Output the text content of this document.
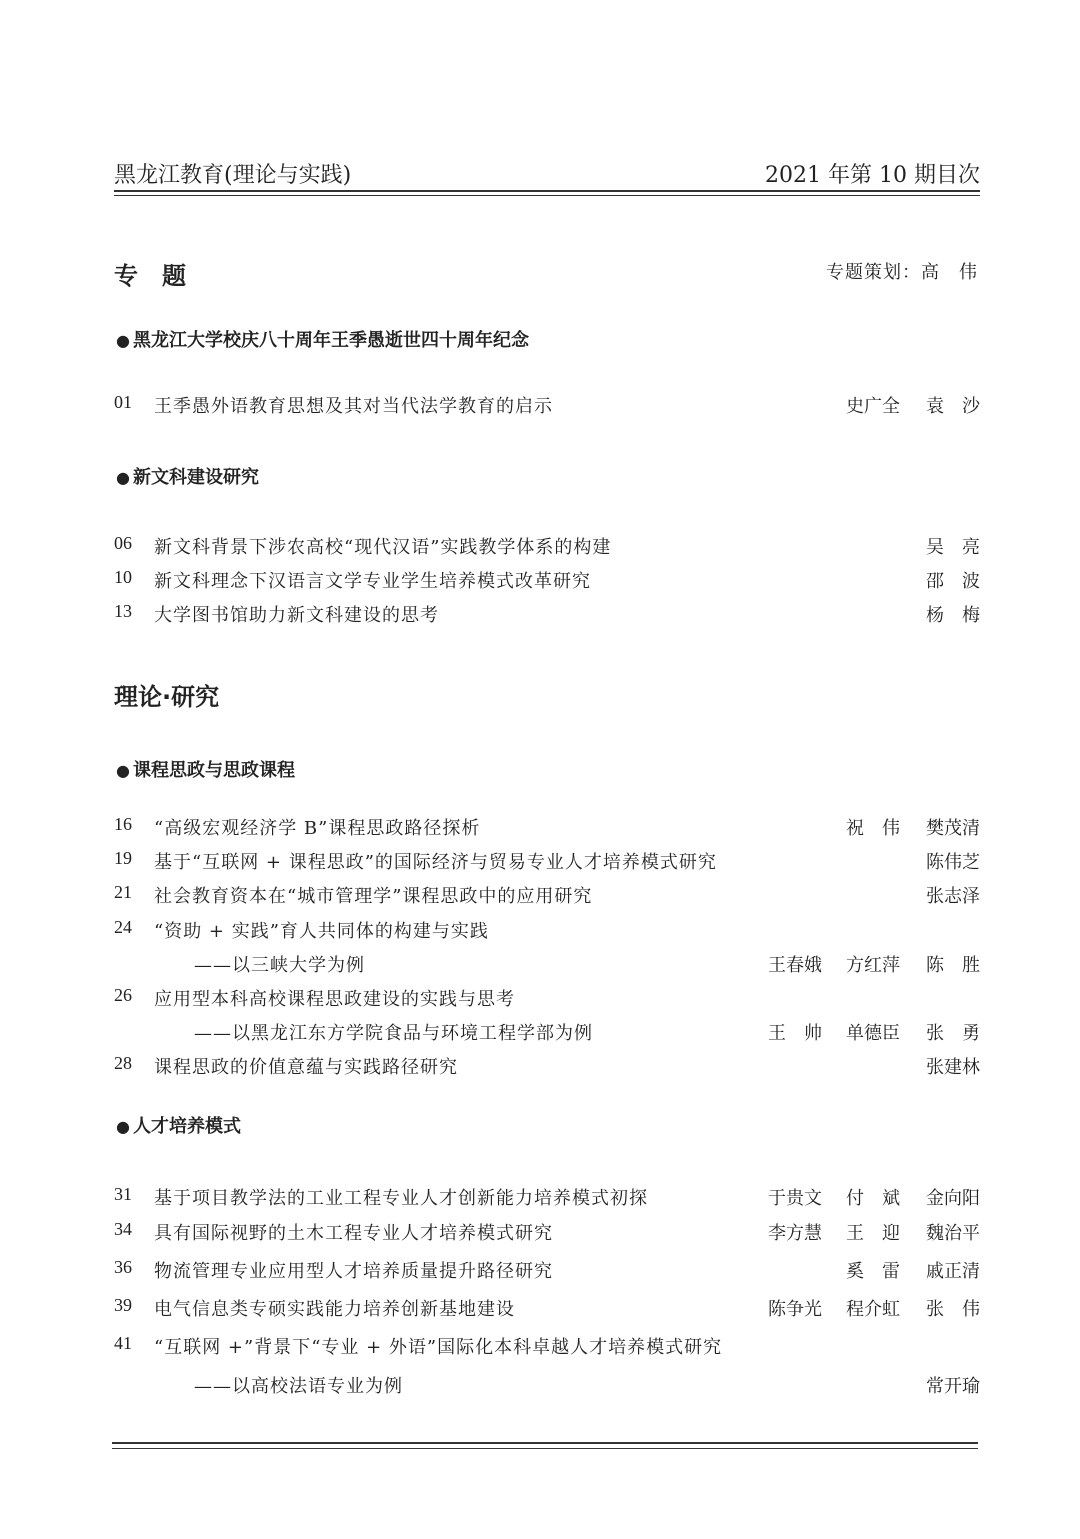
黑龙江教育(理论与实践)	2021 年第 10 期目次
专　题	专题策划：高　伟
● 黑龙江大学校庆八十周年王季愚逝世四十周年纪念
01	王季愚外语教育思想及其对当代法学教育的启示	史广全	袁　沙
● 新文科建设研究
06	新文科背景下涉农高校“现代汉语”实践教学体系的构建	吴　亮
10	新文科理念下汉语言文学专业学生培养模式改革研究	邵　波
13	大学图书馆助力新文科建设的思考	杨　梅
理论·研究
● 课程思政与思政课程
16	“高级宏观经济学 B”课程思政路径探析	祝　伟	樊茂清
19	基于“互联网 + 课程思政”的国际经济与贸易专业人才培养模式研究	陈伟芝
21	社会教育资本在“城市管理学”课程思政中的应用研究	张志泽
24	“资助 + 实践”育人共同体的构建与实践
——以三峡大学为例	王春娥	方红萍	陈　胜
26	应用型本科高校课程思政建设的实践与思考
——以黑龙江东方学院食品与环境工程学部为例	王　帅	单德臣	张　勇
28	课程思政的价值意蕴与实践路径研究	张建林
● 人才培养模式
31	基于项目教学法的工业工程专业人才创新能力培养模式初探	于贵文	付　斌	金向阳
34	具有国际视野的土木工程专业人才培养模式研究	李方慧	王　迎	魏治平
36	物流管理专业应用型人才培养质量提升路径研究	奚　雷	戚正清
39	电气信息类专硕实践能力培养创新基地建设	陈争光	程介虹	张　伟
41	“互联网 +”背景下“专业 + 外语”国际化本科卓越人才培养模式研究
——以高校法语专业为例	常开瑜
